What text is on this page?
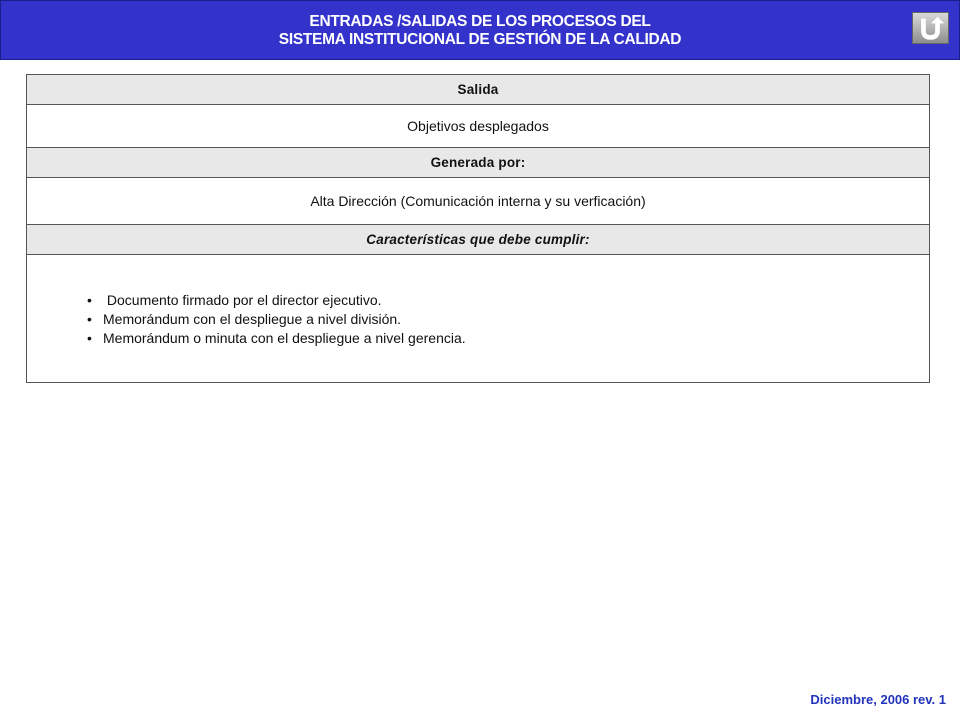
ENTRADAS /SALIDAS DE LOS PROCESOS DEL
SISTEMA INSTITUCIONAL DE GESTIÓN DE LA CALIDAD
Salida
Objetivos desplegados
Generada por:
Alta Dirección (Comunicación interna y su verficación)
Características que debe cumplir:
• Documento firmado por el director ejecutivo.
• Memorándum con el despliegue a nivel división.
• Memorándum o minuta con el despliegue a nivel gerencia.
Diciembre, 2006 rev. 1
